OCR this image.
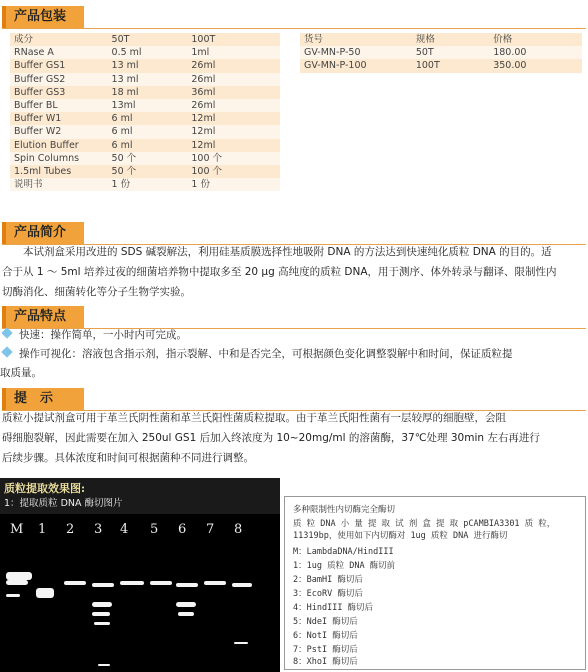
产品包装
成分	50T	100T
RNase A	0.5 ml	1ml
Buffer GS1	13 ml	26ml
Buffer GS2	13 ml	26ml
Buffer GS3	18 ml	36ml
Buffer BL	13ml	26ml
Buffer W1	6 ml	12ml
Buffer W2	6 ml	12ml
Elution Buffer	6 ml	12ml
Spin Columns	50 个	100 个
1.5ml Tubes	50 个	100 个
说明书	1 份	1 份
货号	规格	价格
GV-MN-P-50	50T	180.00
GV-MN-P-100	100T	350.00
产品简介

　　本试剂盒采用改进的 SDS 碱裂解法，利用硅基质膜选择性地吸附 DNA 的方法达到快速纯化质粒 DNA 的目的。适

合于从 1 ～ 5ml 培养过夜的细菌培养物中提取多至 20 μg 高纯度的质粒 DNA，用于测序、体外转录与翻译、限制性内

切酶消化、细菌转化等分子生物学实验。

产品特点
快速：操作简单，一小时内可完成。
操作可视化：溶液包含指示剂，指示裂解、中和是否完全，可根据颜色变化调整裂解中和时间，保证质粒提
取质量。
提　示

质粒小提试剂盒可用于革兰氏阴性菌和革兰氏阳性菌质粒提取。由于革兰氏阳性菌有一层较厚的细胞壁，会阻

碍细胞裂解，因此需要在加入 250ul GS1 后加入终浓度为 10~20mg/ml 的溶菌酶，37℃处理 30min 左右再进行

后续步骤。具体浓度和时间可根据菌种不同进行调整。

质粒提取效果图:
1：提取质粒 DNA 酶切图片
M 1 2 3 4 5 6 7 8
多种限制性内切酶完全酶切
质 粒 DNA 小 量 提 取 试 剂 盒 提 取 pCAMBIA3301 质 粒，
11319bp，使用如下内切酶对 1ug 质粒 DNA 进行酶切
M：LambdaDNA/HindIII
1：1ug 质粒 DNA 酶切前
2：BamHI 酶切后
3：EcoRV 酶切后
4：HindIII 酶切后
5：NdeI 酶切后
6：NotI 酶切后
7：PstI 酶切后
8：XhoI 酶切后
